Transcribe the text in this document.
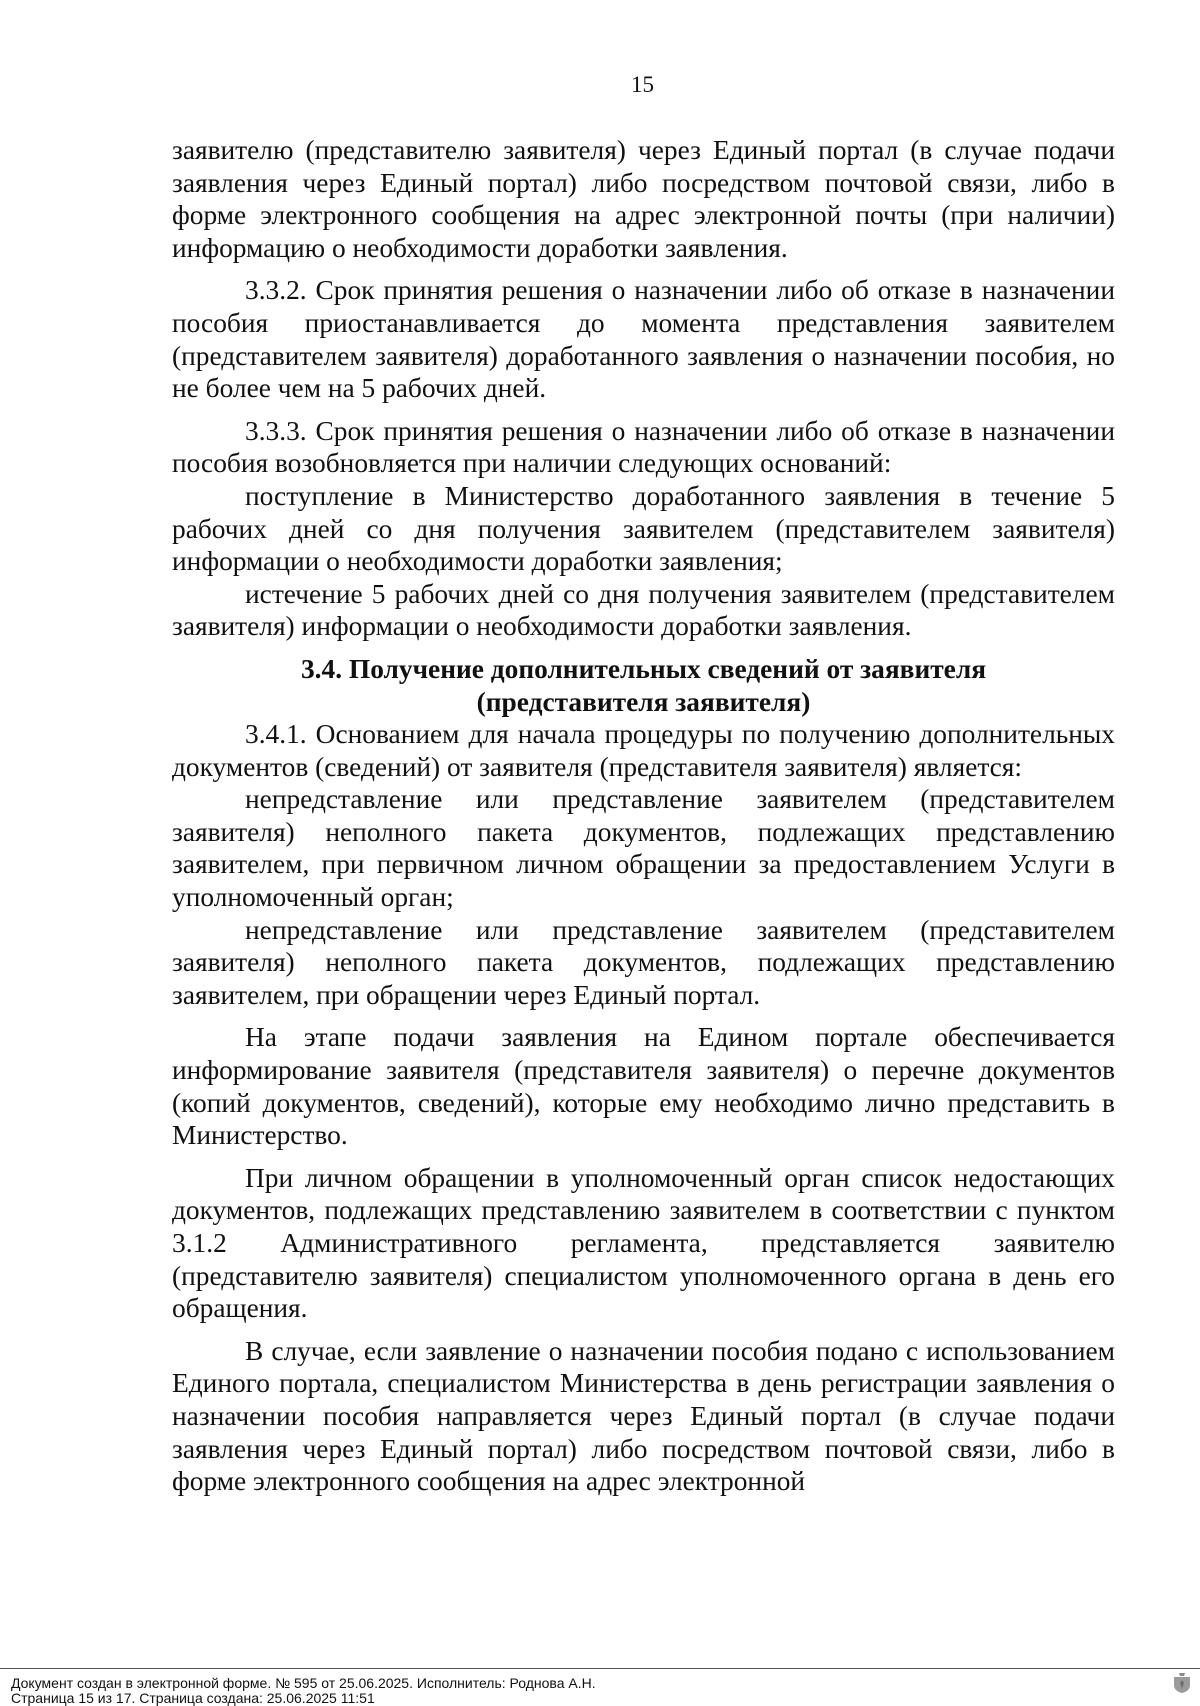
15

заявителю (представителю заявителя) через Единый портал (в случае подачи заявления через Единый портал) либо посредством почтовой связи, либо в форме электронного сообщения на адрес электронной почты (при наличии) информацию о необходимости доработки заявления.

3.3.2. Срок принятия решения о назначении либо об отказе в назначении пособия приостанавливается до момента представления заявителем (представителем заявителя) доработанного заявления о назначении пособия, но не более чем на 5 рабочих дней.

3.3.3. Срок принятия решения о назначении либо об отказе в назначении пособия возобновляется при наличии следующих оснований:

поступление в Министерство доработанного заявления в течение 5 рабочих дней со дня получения заявителем (представителем заявителя) информации о необходимости доработки заявления;

истечение 5 рабочих дней со дня получения заявителем (представителем заявителя) информации о необходимости доработки заявления.

3.4. Получение дополнительных сведений от заявителя
(представителя заявителя)

3.4.1. Основанием для начала процедуры по получению дополнительных документов (сведений) от заявителя (представителя заявителя) является:

непредставление или представление заявителем (представителем заявителя) неполного пакета документов, подлежащих представлению заявителем, при первичном личном обращении за предоставлением Услуги в уполномоченный орган;

непредставление или представление заявителем (представителем заявителя) неполного пакета документов, подлежащих представлению заявителем, при обращении через Единый портал.

На этапе подачи заявления на Едином портале обеспечивается информирование заявителя (представителя заявителя) о перечне документов (копий документов, сведений), которые ему необходимо лично представить в Министерство.

При личном обращении в уполномоченный орган список недостающих документов, подлежащих представлению заявителем в соответствии с пунктом 3.1.2 Административного регламента, представляется заявителю (представителю заявителя) специалистом уполномоченного органа в день его обращения.

В случае, если заявление о назначении пособия подано с использованием Единого портала, специалистом Министерства в день регистрации заявления о назначении пособия направляется через Единый портал (в случае подачи заявления через Единый портал) либо посредством почтовой связи, либо в форме электронного сообщения на адрес электронной

Документ создан в электронной форме. № 595 от 25.06.2025. Исполнитель: Роднова А.Н.
Страница 15 из 17. Страница создана: 25.06.2025 11:51
